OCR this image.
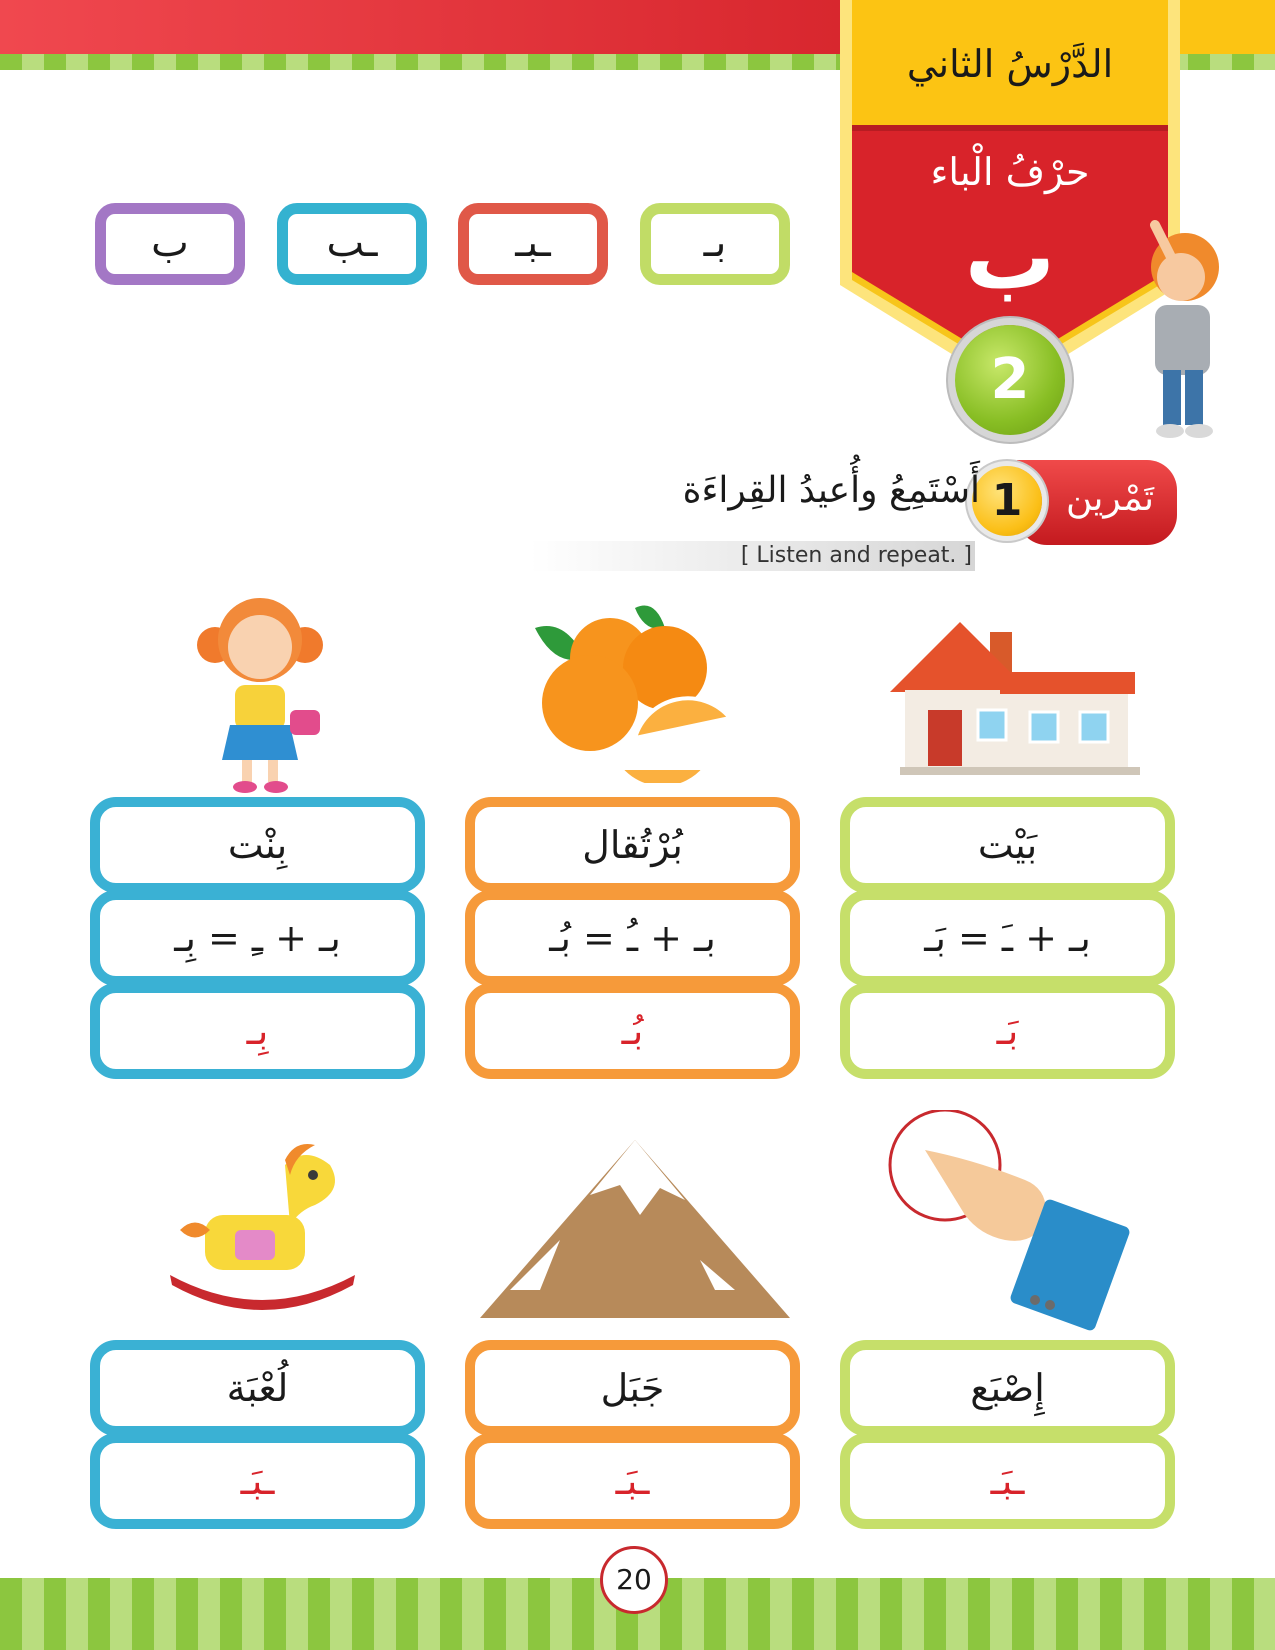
الدَّرْسُ الثاني
حرْفُ الْباء
ب
2
ب	ـب	ـبـ	بـ
تَمْرين
1
أَسْتَمِعُ وأُعيدُ القِراءَة
[ Listen and repeat. ]
بَيْت
بـ + ـَ = بَـ
بَـ
بُرْتُقال
بـ + ـُ = بُـ
بُـ
بِنْت
بـ + ـِ = بِـ
بِـ
إِصْبَع
ـبَـ
جَبَل
ـبَـ
لُعْبَة
ـبَـ
20
